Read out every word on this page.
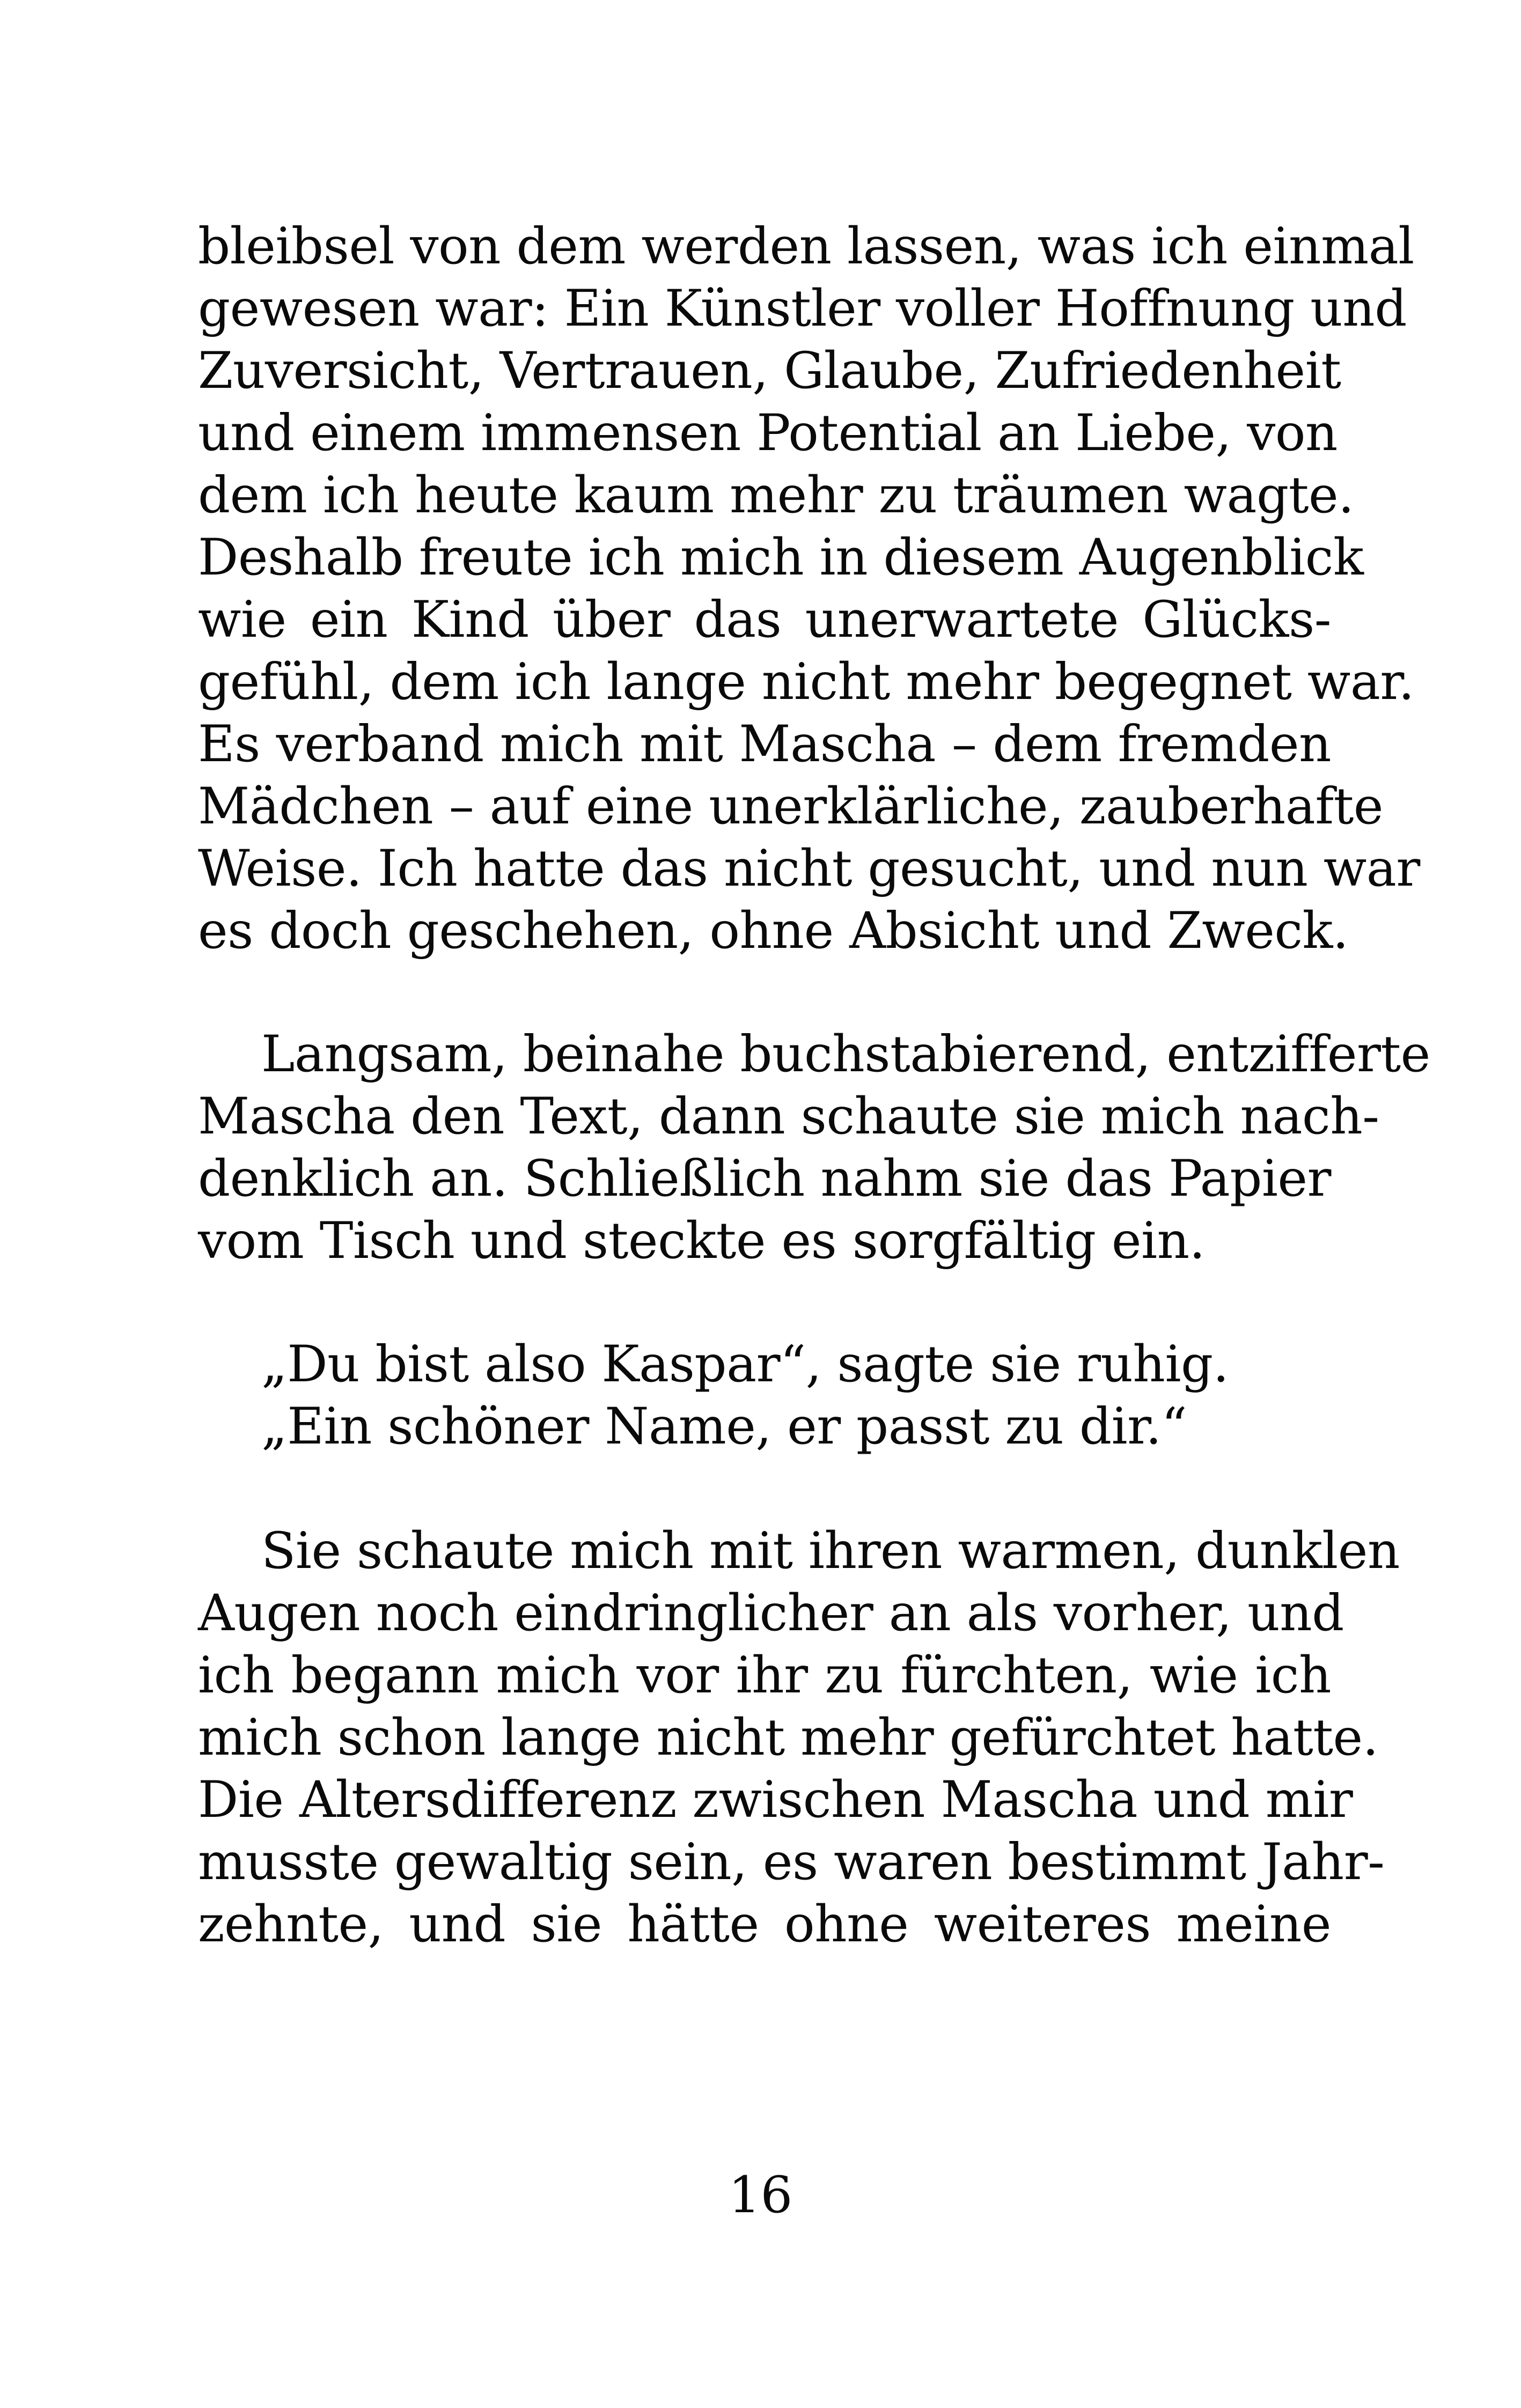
bleibsel von dem werden lassen, was ich einmal
gewesen war: Ein Künstler voller Hoffnung und
Zuversicht, Vertrauen, Glaube, Zufriedenheit
und einem immensen Potential an Liebe, von
dem ich heute kaum mehr zu träumen wagte.
Deshalb freute ich mich in diesem Augenblick
wie ein Kind über das unerwartete Glücks-
gefühl, dem ich lange nicht mehr begegnet war.
Es verband mich mit Mascha – dem fremden
Mädchen – auf eine unerklärliche, zauberhafte
Weise. Ich hatte das nicht gesucht, und nun war
es doch geschehen, ohne Absicht und Zweck.
Langsam, beinahe buchstabierend, entzifferte
Mascha den Text, dann schaute sie mich nach-
denklich an. Schließlich nahm sie das Papier
vom Tisch und steckte es sorgfältig ein.
„Du bist also Kaspar“, sagte sie ruhig.
„Ein schöner Name, er passt zu dir.“
Sie schaute mich mit ihren warmen, dunklen
Augen noch eindringlicher an als vorher, und
ich begann mich vor ihr zu fürchten, wie ich
mich schon lange nicht mehr gefürchtet hatte.
Die Altersdifferenz zwischen Mascha und mir
musste gewaltig sein, es waren bestimmt Jahr-
zehnte, und sie hätte ohne weiteres meine
16
